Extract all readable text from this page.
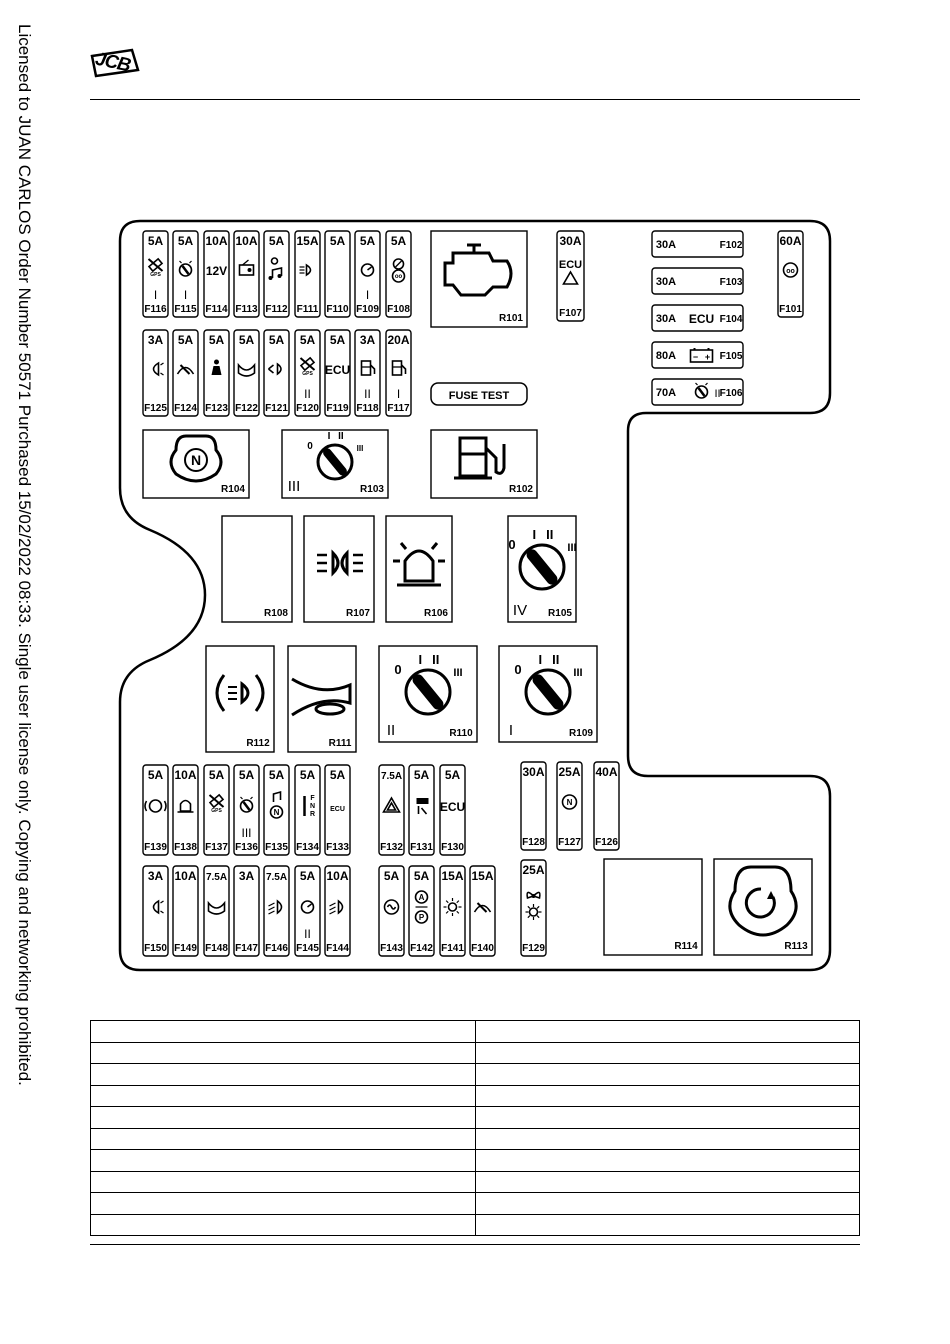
Licensed to JUAN CARLOS Order Number 50571 Purchased 15/02/2022 08:33. Single user license only. Copying and networking prohibited.	JCB
5A
F116
GPS
I
5A
F115
I
10A
F114
12V
10A
F113
5A
F112
15A
F111
5A
F110
5A
F109
I
5A
F108
oo
3A
F125
5A
F124
5A
F123
5A
F122
5A
F121
5A
F120
GPS
II
5A
F119
ECU
3A
F118
II
20A
F117
I
5A
F139
10A
F138
5A
F137
GPS
5A
F136
III
5A
F135
N
5A
F134
F
N
R
5A
F133
ECU
7.5A
F132
5A
F131
5A
F130
ECU
30A
F128
25A
F127
N
40A
F126
3A
F150
10A
F149
7.5A
F148
3A
F147
7.5A
F146
5A
F145
II
10A
F144
5A
F143
5A
F142
A
P
15A
F141
15A
F140
25A
F129
30A	F102
30A	F103
30A	F104
ECU
80A	F105
− +
70A	F106
II
60A
F101
oo
30A
F107
ECU
R101
R102
0
I II
III
R103
III
N
R104
0
I II
III
R105
IV
R106
R107
R108
0
I II
III
R109
I
0
I II
III
R110
II
R111
R112
R113
R114
FUSE TEST
